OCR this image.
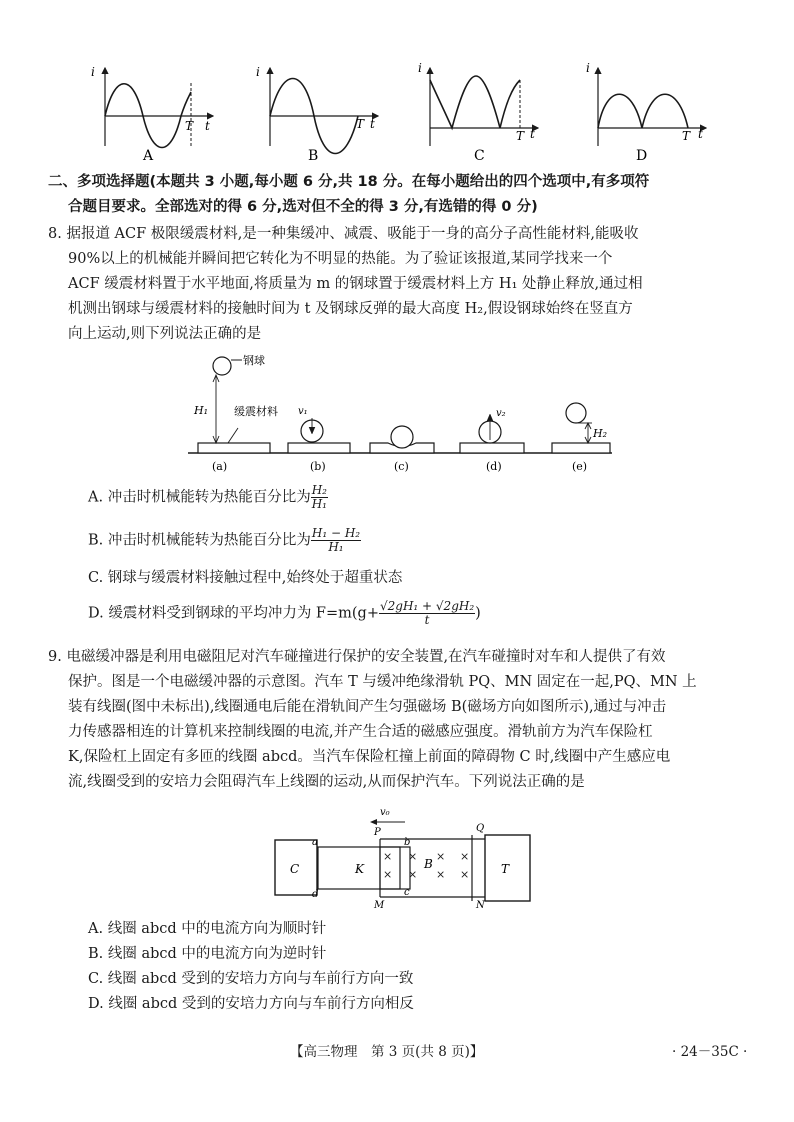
i
T t
A
i
T t
B
i
T t
C
i
T t
D
二、多项选择题(本题共 3 小题,每小题 6 分,共 18 分。在每小题给出的四个选项中,有多项符
合题目要求。全部选对的得 6 分,选对但不全的得 3 分,有选错的得 0 分)
8. 据报道 ACF 极限缓震材料,是一种集缓冲、减震、吸能于一身的高分子高性能材料,能吸收
90%以上的机械能并瞬间把它转化为不明显的热能。为了验证该报道,某同学找来一个
ACF 缓震材料置于水平地面,将质量为 m 的钢球置于缓震材料上方 H₁ 处静止释放,通过相
机测出钢球与缓震材料的接触时间为 t 及钢球反弹的最大高度 H₂,假设钢球始终在竖直方
向上运动,则下列说法正确的是
钢球
H₁ 缓震材料
(a)
v₁
(b)	(c)
v₂
(d)
H₂
(e)
A. 冲击时机械能转为热能百分比为 $\frac{\text{H₂}}{\text{H₁}}$
B. 冲击时机械能转为热能百分比为 $\frac{\text{H₁ − H₂}}{\text{H₁}}$
C. 钢球与缓震材料接触过程中,始终处于超重状态
D. 缓震材料受到钢球的平均冲力为 $F=m(g+ \frac{\text{√2gH₁ + √2gH₂}}{t}$ )
9. 电磁缓冲器是利用电磁阻尼对汽车碰撞进行保护的安全装置,在汽车碰撞时对车和人提供了有效
保护。图是一个电磁缓冲器的示意图。汽车 T 与缓冲绝缘滑轨 PQ、MN 固定在一起,PQ、MN 上
装有线圈(图中未标出),线圈通电后能在滑轨间产生匀强磁场 B(磁场方向如图所示),通过与冲击
力传感器相连的计算机来控制线圈的电流,并产生合适的磁感应强度。滑轨前方为汽车保险杠
K,保险杠上固定有多匝的线圈 abcd。当汽车保险杠撞上前面的障碍物 C 时,线圈中产生感应电
流,线圈受到的安培力会阻碍汽车上线圈的运动,从而保护汽车。下列说法正确的是
C	K
a
d
b
c
P	Q
M	N
×
×
×
×
×
×
×
×
B	T
v₀
A. 线圈 abcd 中的电流方向为顺时针
B. 线圈 abcd 中的电流方向为逆时针
C. 线圈 abcd 受到的安培力方向与车前行方向一致
D. 线圈 abcd 受到的安培力方向与车前行方向相反
【高三物理　第 3 页(共 8 页)】	· 24－35C ·
